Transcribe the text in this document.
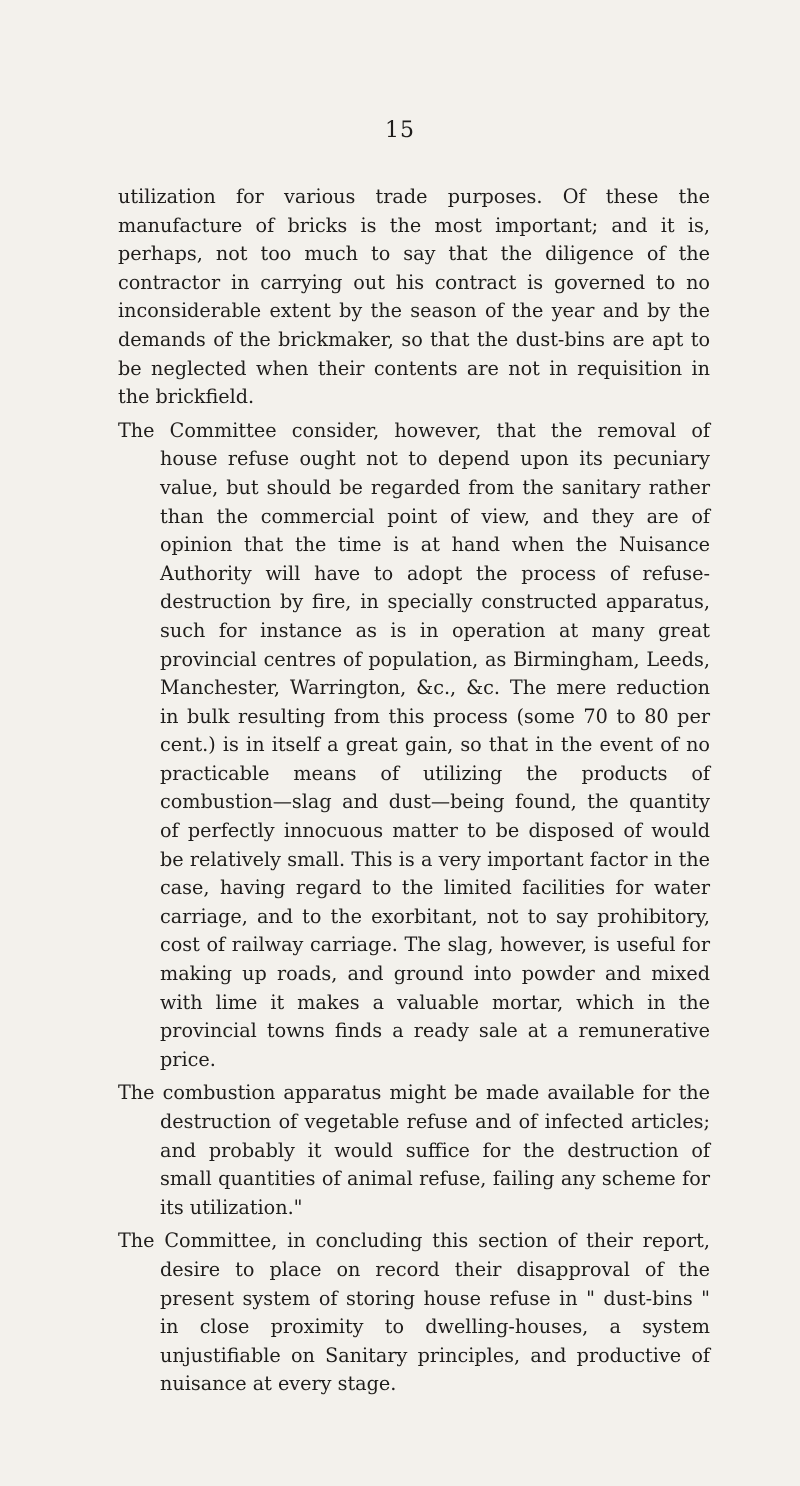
15

utilization for various trade purposes. Of these the manufacture of bricks is the most important; and it is, perhaps, not too much to say that the diligence of the contractor in carrying out his contract is governed to no inconsiderable extent by the season of the year and by the demands of the brickmaker, so that the dust-bins are apt to be neglected when their contents are not in requisition in the brickfield.

The Committee consider, however, that the removal of house refuse ought not to depend upon its pecuniary value, but should be regarded from the sanitary rather than the commercial point of view, and they are of opinion that the time is at hand when the Nuisance Authority will have to adopt the process of refuse-destruction by fire, in specially constructed apparatus, such for instance as is in operation at many great provincial centres of population, as Birmingham, Leeds, Manchester, Warrington, &c., &c. The mere reduction in bulk resulting from this process (some 70 to 80 per cent.) is in itself a great gain, so that in the event of no practicable means of utilizing the products of combustion—slag and dust—being found, the quantity of perfectly innocuous matter to be disposed of would be relatively small. This is a very important factor in the case, having regard to the limited facilities for water carriage, and to the exorbitant, not to say prohibitory, cost of railway carriage. The slag, however, is useful for making up roads, and ground into powder and mixed with lime it makes a valuable mortar, which in the provincial towns finds a ready sale at a remunerative price.

The combustion apparatus might be made available for the destruction of vegetable refuse and of infected articles; and probably it would suffice for the destruction of small quantities of animal refuse, failing any scheme for its utilization."

The Committee, in concluding this section of their report, desire to place on record their disapproval of the present system of storing house refuse in " dust-bins " in close proximity to dwelling-houses, a system unjustifiable on Sanitary principles, and productive of nuisance at every stage.
